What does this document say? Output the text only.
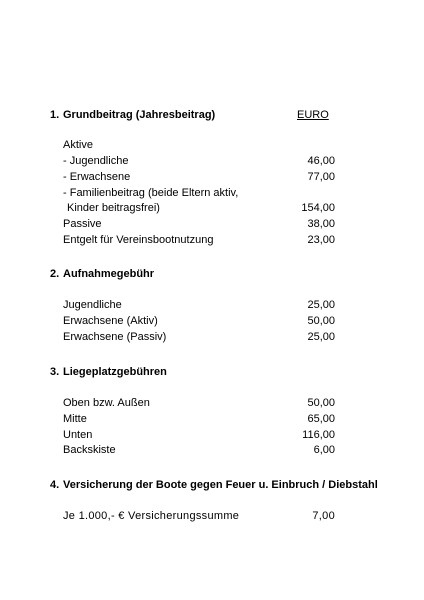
1. Grundbeitrag (Jahresbeitrag)	EURO
Aktive
- Jugendliche	46,00
- Erwachsene	77,00
- Familienbeitrag (beide Eltern aktiv,
Kinder beitragsfrei)	154,00
Passive	38,00
Entgelt für Vereinsbootnutzung	23,00
2. Aufnahmegebühr
Jugendliche	25,00
Erwachsene (Aktiv)	50,00
Erwachsene (Passiv)	25,00
3. Liegeplatzgebühren
Oben bzw. Außen	50,00
Mitte	65,00
Unten	116,00
Backskiste	6,00
4. Versicherung der Boote gegen Feuer u. Einbruch / Diebstahl
Je 1.000,- € Versicherungssumme	7,00
